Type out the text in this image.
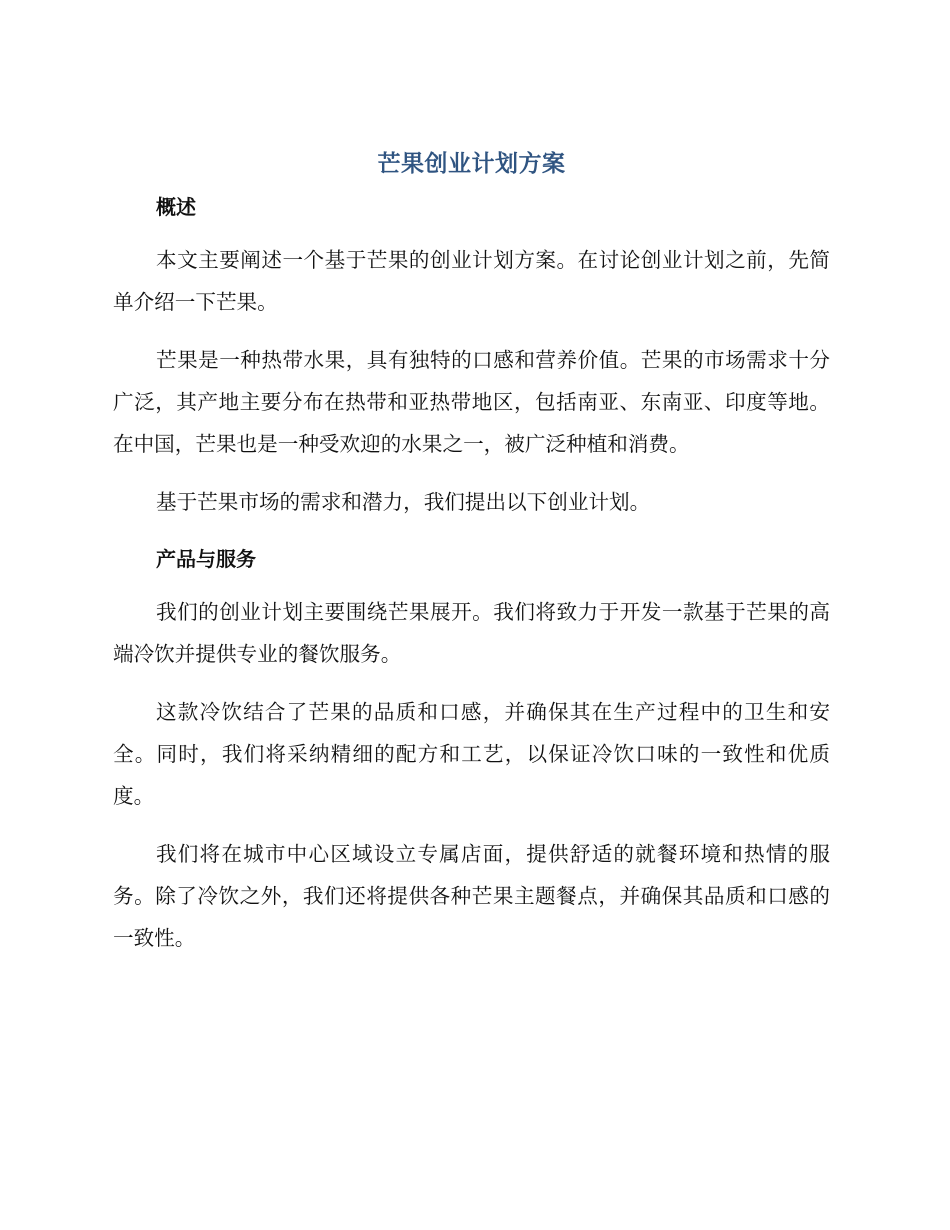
芒果创业计划方案
概述

本文主要阐述一个基于芒果的创业计划方案。在讨论创业计划之前，先简单介绍一下芒果。

芒果是一种热带水果，具有独特的口感和营养价值。芒果的市场需求十分广泛，其产地主要分布在热带和亚热带地区，包括南亚、东南亚、印度等地。在中国，芒果也是一种受欢迎的水果之一，被广泛种植和消费。

基于芒果市场的需求和潜力，我们提出以下创业计划。

产品与服务

我们的创业计划主要围绕芒果展开。我们将致力于开发一款基于芒果的高端冷饮并提供专业的餐饮服务。

这款冷饮结合了芒果的品质和口感，并确保其在生产过程中的卫生和安全。同时，我们将采纳精细的配方和工艺，以保证冷饮口味的一致性和优质度。

我们将在城市中心区域设立专属店面，提供舒适的就餐环境和热情的服务。除了冷饮之外，我们还将提供各种芒果主题餐点，并确保其品质和口感的一致性。
